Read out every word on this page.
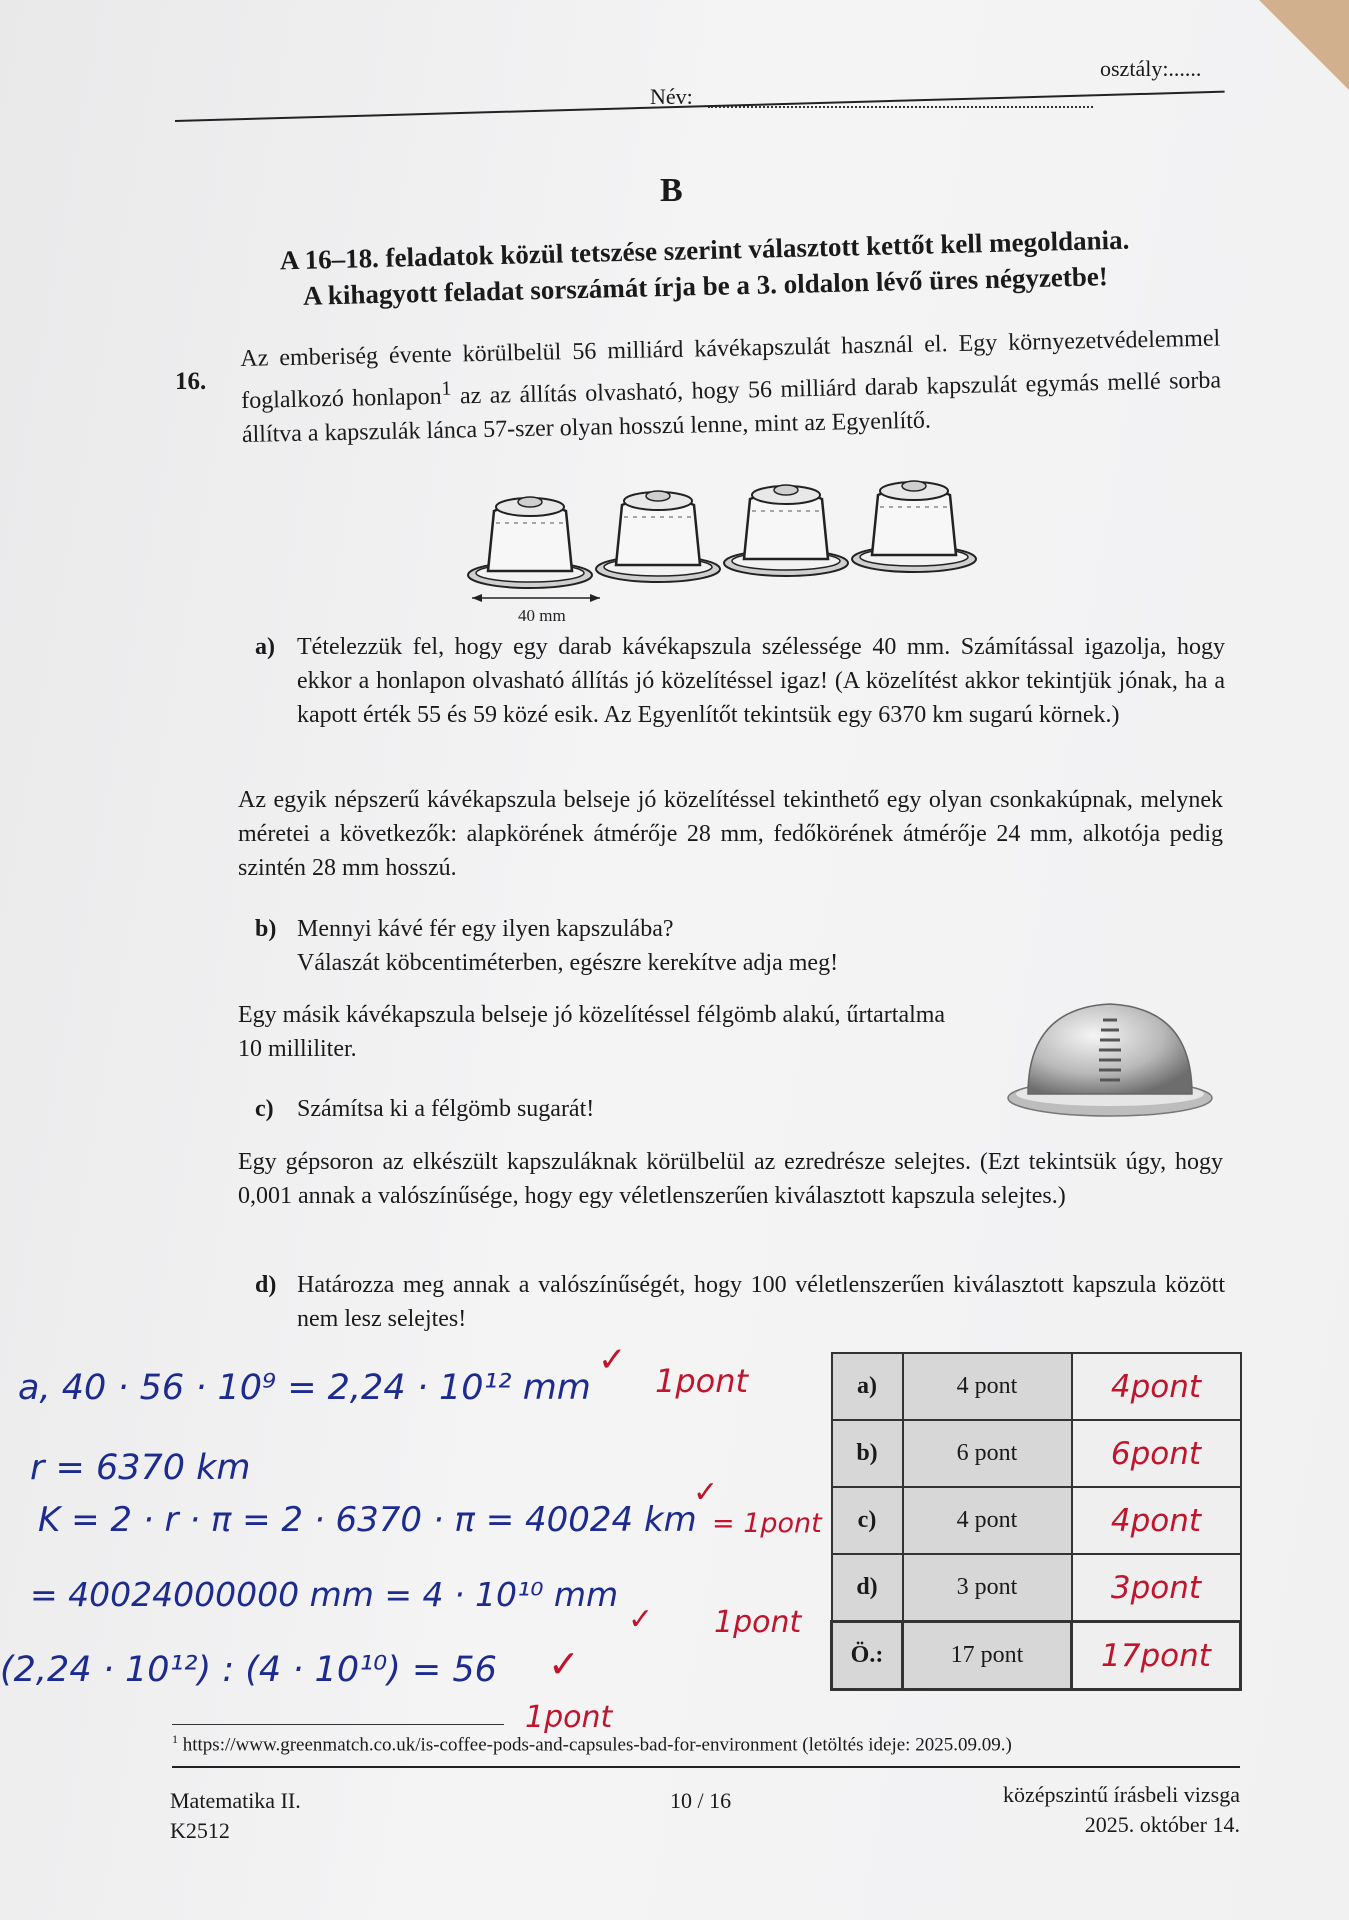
osztály:......
Név:
B
A 16–18. feladatok közül tetszése szerint választott kettőt kell megoldania.
A kihagyott feladat sorszámát írja be a 3. oldalon lévő üres négyzetbe!
16.
Az emberiség évente körülbelül 56 milliárd kávékapszulát használ el. Egy környezetvédelemmel foglalkozó honlapon$^1$ az az állítás olvasható, hogy 56 milliárd darab kapszulát egymás mellé sorba állítva a kapszulák lánca 57-szer olyan hosszú lenne, mint az Egyenlítő.
40 mm
a) Tételezzük fel, hogy egy darab kávékapszula szélessége 40 mm. Számítással igazolja, hogy ekkor a honlapon olvasható állítás jó közelítéssel igaz! (A közelítést akkor tekintjük jónak, ha a kapott érték 55 és 59 közé esik. Az Egyenlítőt tekintsük egy 6370 km sugarú körnek.)
Az egyik népszerű kávékapszula belseje jó közelítéssel tekinthető egy olyan csonkakúpnak, melynek méretei a következők: alapkörének átmérője 28 mm, fedőkörének átmérője 24 mm, alkotója pedig szintén 28 mm hosszú.
b) Mennyi kávé fér egy ilyen kapszulába?
Válaszát köbcentiméterben, egészre kerekítve adja meg!
Egy másik kávékapszula belseje jó közelítéssel félgömb alakú, űrtartalma 10 milliliter.
c) Számítsa ki a félgömb sugarát!
Egy gépsoron az elkészült kapszuláknak körülbelül az ezredrésze selejtes. (Ezt tekintsük úgy, hogy 0,001 annak a valószínűsége, hogy egy véletlenszerűen kiválasztott kapszula selejtes.)
d) Határozza meg annak a valószínűségét, hogy 100 véletlenszerűen kiválasztott kapszula között nem lesz selejtes!
a, 40 · 56 · 10⁹ = 2,24 · 10¹² mm
✓
1pont
r = 6370 km
K = 2 · r · π = 2 · 6370 · π = 40024 km
✓
= 1pont
= 40024000000 mm = 4 · 10¹⁰ mm
✓ 1pont
(2,24 · 10¹²) : (4 · 10¹⁰) = 56 ✓
1pont
a)	4 pont	4pont
b)	6 pont	6pont
c)	4 pont	4pont
d)	3 pont	3pont
Ö.:	17 pont	17pont
$^1$ https://www.greenmatch.co.uk/is-coffee-pods-and-capsules-bad-for-environment (letöltés ideje: 2025.09.09.)
Matematika II.
K2512
10 / 16	középszintű írásbeli vizsga
2025. október 14.
